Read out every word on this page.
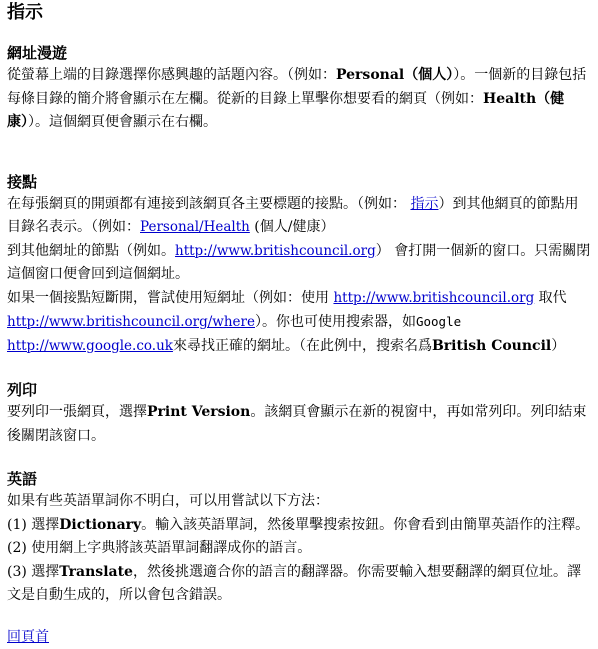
指示
網址漫遊

從螢幕上端的目錄選擇你感興趣的話題內容。（例如：Personal（個人））。一個新的目錄包括每條目錄的簡介將會顯示在左欄。從新的目錄上單擊你想要看的網頁（例如：Health（健康））。這個網頁便會顯示在右欄。

接點

在每張網頁的開頭都有連接到該網頁各主要標題的接點。（例如： 指示）到其他網頁的節點用目錄名表示。（例如：Personal/Health (個人/健康）

到其他網址的節點（例如。http://www.britishcouncil.org） 會打開一個新的窗口。只需關閉這個窗口便會回到這個網址。

如果一個接點短斷開，嘗試使用短網址（例如：使用 http://www.britishcouncil.org 取代 http://www.britishcouncil.org/where）。你也可使用搜索器，如Google http://www.google.co.uk來尋找正確的網址。（在此例中，搜索名爲British Council）

列印

要列印一張網頁，選擇Print Version。該網頁會顯示在新的視窗中，再如常列印。列印結束後關閉該窗口。

英語

如果有些英語單詞你不明白，可以用嘗試以下方法：

(1) 選擇Dictionary。輸入該英語單詞，然後單擊搜索按鈕。你會看到由簡單英語作的注釋。

(2) 使用網上字典將該英語單詞翻譯成你的語言。

(3) 選擇Translate，然後挑選適合你的語言的翻譯器。你需要輸入想要翻譯的網頁位址。譯文是自動生成的，所以會包含錯誤。

回頁首
